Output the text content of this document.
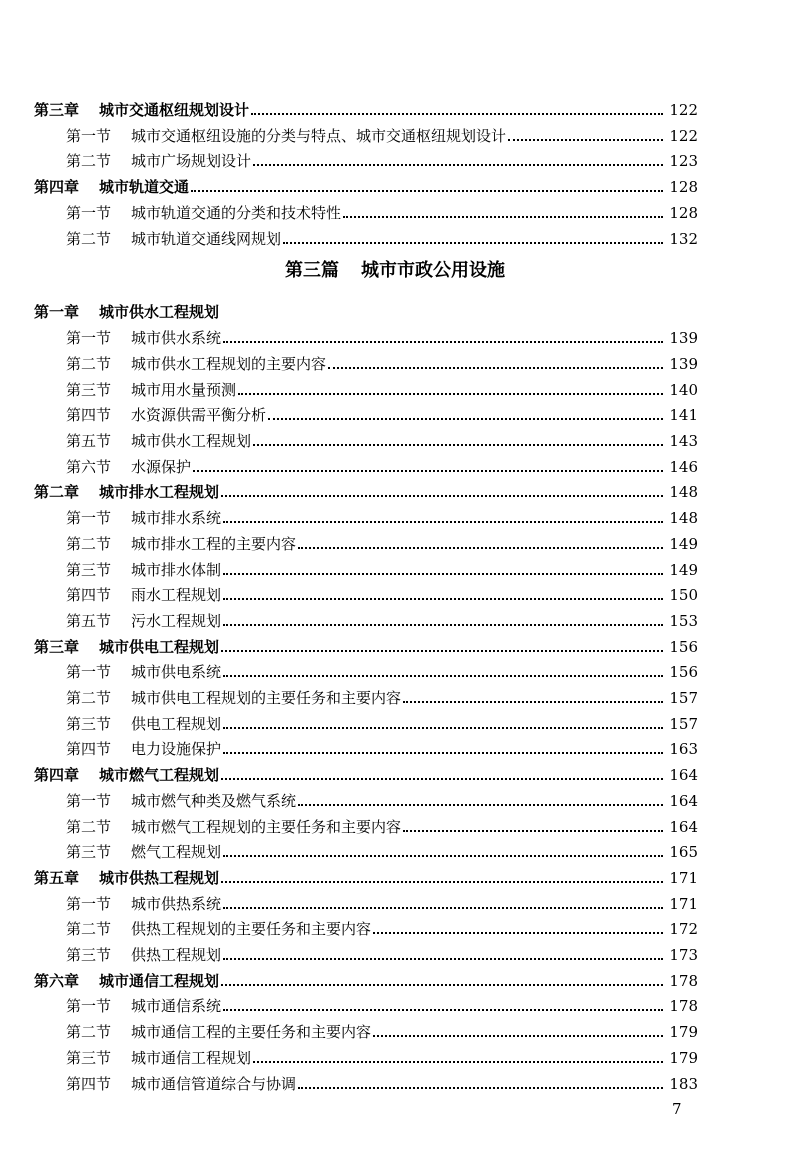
第三章 城市交通枢纽规划设计	122
第一节 城市交通枢纽设施的分类与特点、城市交通枢纽规划设计	122
第二节 城市广场规划设计	123
第四章 城市轨道交通	128
第一节 城市轨道交通的分类和技术特性	128
第二节 城市轨道交通线网规划	132
第三篇 城市市政公用设施
第一章 城市供水工程规划
第一节 城市供水系统	139
第二节 城市供水工程规划的主要内容	139
第三节 城市用水量预测	140
第四节 水资源供需平衡分析	141
第五节 城市供水工程规划	143
第六节 水源保护	146
第二章 城市排水工程规划	148
第一节 城市排水系统	148
第二节 城市排水工程的主要内容	149
第三节 城市排水体制	149
第四节 雨水工程规划	150
第五节 污水工程规划	153
第三章 城市供电工程规划	156
第一节 城市供电系统	156
第二节 城市供电工程规划的主要任务和主要内容	157
第三节 供电工程规划	157
第四节 电力设施保护	163
第四章 城市燃气工程规划	164
第一节 城市燃气种类及燃气系统	164
第二节 城市燃气工程规划的主要任务和主要内容	164
第三节 燃气工程规划	165
第五章 城市供热工程规划	171
第一节 城市供热系统	171
第二节 供热工程规划的主要任务和主要内容	172
第三节 供热工程规划	173
第六章 城市通信工程规划	178
第一节 城市通信系统	178
第二节 城市通信工程的主要任务和主要内容	179
第三节 城市通信工程规划	179
第四节 城市通信管道综合与协调	183
7
